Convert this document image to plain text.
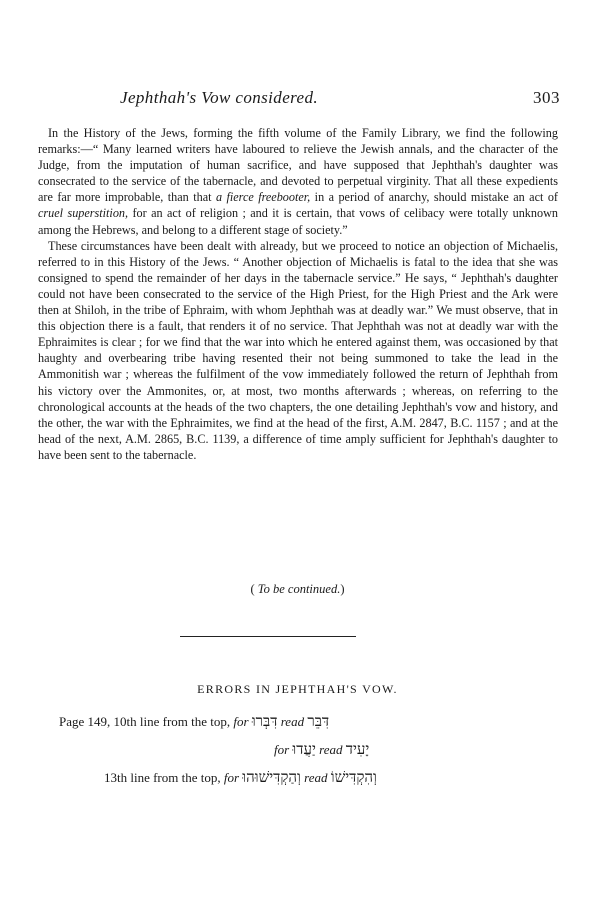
Jephthah's Vow considered.	303

In the History of the Jews, forming the fifth volume of the Family Library, we find the following remarks:—“ Many learned writers have laboured to relieve the Jewish annals, and the character of the Judge, from the imputation of human sacrifice, and have supposed that Jephthah's daughter was consecrated to the service of the tabernacle, and devoted to perpetual virginity. That all these expedients are far more improbable, than that a fierce freebooter, in a period of anarchy, should mistake an act of cruel superstition, for an act of religion ; and it is certain, that vows of celibacy were totally unknown among the Hebrews, and belong to a different stage of society.”

These circumstances have been dealt with already, but we proceed to notice an objection of Michaelis, referred to in this History of the Jews. “ Another objection of Michaelis is fatal to the idea that she was consigned to spend the remainder of her days in the tabernacle service.” He says, “ Jephthah's daughter could not have been consecrated to the service of the High Priest, for the High Priest and the Ark were then at Shiloh, in the tribe of Ephraim, with whom Jephthah was at deadly war.” We must observe, that in this objection there is a fault, that renders it of no service. That Jephthah was not at deadly war with the Ephraimites is clear ; for we find that the war into which he entered against them, was occasioned by that haughty and overbearing tribe having resented their not being summoned to take the lead in the Ammonitish war ; whereas the fulfilment of the vow immediately followed the return of Jephthah from his victory over the Ammonites, or, at most, two months afterwards ; whereas, on referring to the chronological accounts at the heads of the two chapters, the one detailing Jephthah's vow and history, and the other, the war with the Ephraimites, we find at the head of the first, A.M. 2847, B.C. 1157 ; and at the head of the next, A.M. 2865, B.C. 1139, a difference of time amply sufficient for Jephthah's daughter to have been sent to the tabernacle.

( To be continued.)
ERRORS IN JEPHTHAH'S VOW.
Page 149, 10th line from the top, for דִּבְּרוּ read דִּבֵּר
for יַעֲדוּ read יָעִיד
13th line from the top, for וְהַקְדִּישׁוּהוּ read וְהִקְדִּישׁוֹ
